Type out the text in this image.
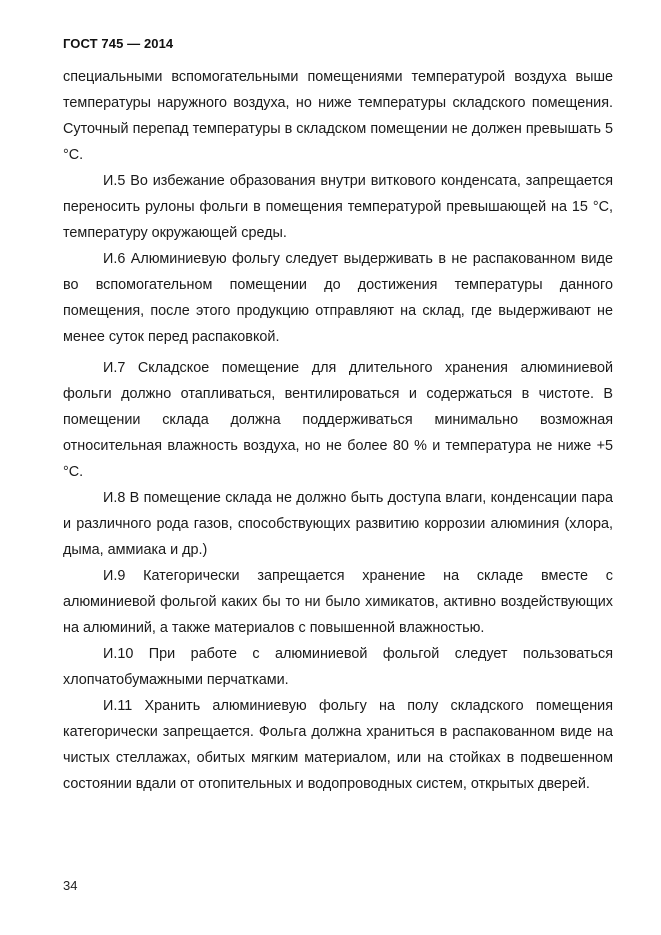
ГОСТ 745 — 2014

специальными вспомогательными помещениями температурой воздуха выше температуры наружного воздуха, но ниже температуры складского помещения. Суточный перепад температуры в складском помещении не должен превышать 5 °С.

И.5 Во избежание образования внутри виткового конденсата, запрещается переносить рулоны фольги в помещения температурой превышающей на 15 °С, температуру окружающей среды.

И.6 Алюминиевую фольгу следует выдерживать в не распакованном виде во вспомогательном помещении до достижения температуры данного помещения, после этого продукцию отправляют на склад, где выдерживают не менее суток перед распаковкой.

И.7 Складское помещение для длительного хранения алюминиевой фольги должно отапливаться, вентилироваться и содержаться в чистоте. В помещении склада должна поддерживаться минимально возможная относительная влажность воздуха, но не более 80 % и температура не ниже +5 °С.

И.8 В помещение склада не должно быть доступа влаги, конденсации пара и различного рода газов, способствующих развитию коррозии алюминия (хлора, дыма, аммиака и др.)

И.9 Категорически запрещается хранение на складе вместе с алюминиевой фольгой каких бы то ни было химикатов, активно воздействующих на алюминий, а также материалов с повышенной влажностью.

И.10 При работе с алюминиевой фольгой следует пользоваться хлопчатобумажными перчатками.

И.11 Хранить алюминиевую фольгу на полу складского помещения категорически запрещается. Фольга должна храниться в распакованном виде на чистых стеллажах, обитых мягким материалом, или на стойках в подвешенном состоянии вдали от отопительных и водопроводных систем, открытых дверей.

34
